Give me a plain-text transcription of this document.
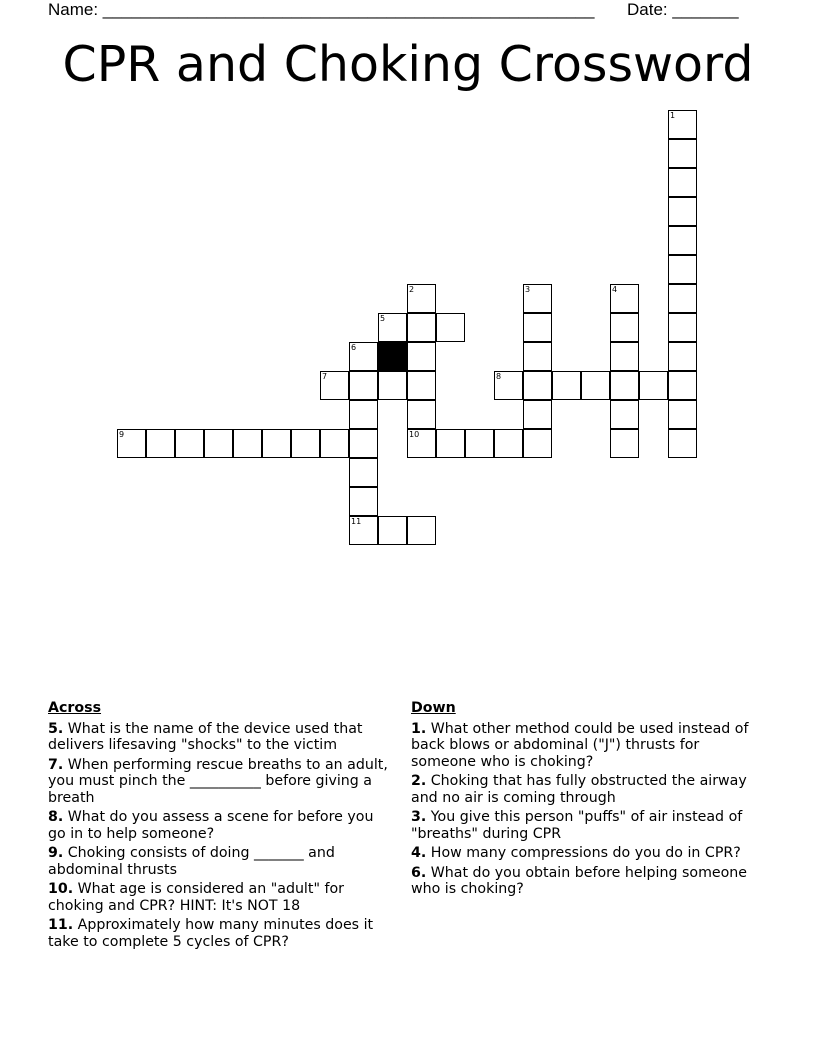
Name: ____________________________________________________ Date: _______
CPR and Choking Crossword
1
2	3	4
5
6
7	8
9	10
11
Across
5. What is the name of the device used that delivers lifesaving "shocks" to the victim
7. When performing rescue breaths to an adult, you must pinch the __________ before giving a breath
8. What do you assess a scene for before you go in to help someone?
9. Choking consists of doing _______ and abdominal thrusts
10. What age is considered an "adult" for choking and CPR? HINT: It's NOT 18
11. Approximately how many minutes does it take to complete 5 cycles of CPR?
Down
1. What other method could be used instead of back blows or abdominal ("J") thrusts for someone who is choking?
2. Choking that has fully obstructed the airway and no air is coming through
3. You give this person "puffs" of air instead of "breaths" during CPR
4. How many compressions do you do in CPR?
6. What do you obtain before helping someone who is choking?
